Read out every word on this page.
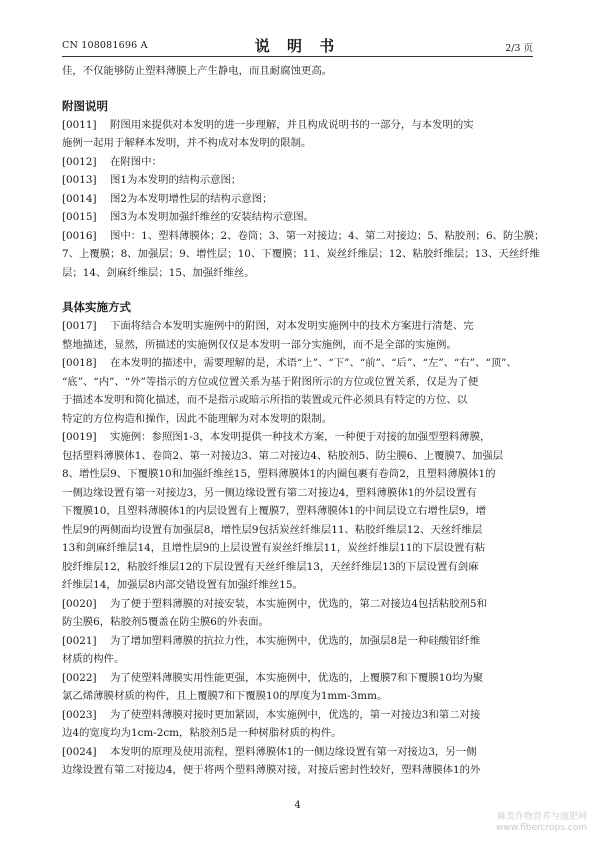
CN 108081696 A	说 明 书	2/3 页
佳，不仅能够防止塑料薄膜上产生静电，而且耐腐蚀更高。
附图说明
[0011] 附图用来提供对本发明的进一步理解，并且构成说明书的一部分，与本发明的实
施例一起用于解释本发明，并不构成对本发明的限制。
[0012] 在附图中：
[0013] 图1为本发明的结构示意图；
[0014] 图2为本发明增性层的结构示意图；
[0015] 图3为本发明加强纤维丝的安装结构示意图。
[0016] 图中：1、塑料薄膜体；2、卷筒；3、第一对接边；4、第二对接边；5、粘胶剂；6、防尘膜；
7、上覆膜；8、加强层；9、增性层；10、下覆膜；11、炭丝纤维层；12、粘胶纤维层；13、天丝纤维
层；14、剑麻纤维层；15、加强纤维丝。
具体实施方式
[0017] 下面将结合本发明实施例中的附图，对本发明实施例中的技术方案进行清楚、完
整地描述，显然，所描述的实施例仅仅是本发明一部分实施例，而不是全部的实施例。
[0018] 在本发明的描述中，需要理解的是，术语“上”、“下”、“前”、“后”、“左”、“右”、“顶”、
“底”、“内”、“外”等指示的方位或位置关系为基于附图所示的方位或位置关系，仅是为了便
于描述本发明和简化描述，而不是指示或暗示所指的装置或元件必须具有特定的方位、以
特定的方位构造和操作，因此不能理解为对本发明的限制。
[0019] 实施例：参照图1-3，本发明提供一种技术方案，一种便于对接的加强型塑料薄膜，
包括塑料薄膜体1、卷筒2、第一对接边3、第二对接边4、粘胶剂5、防尘膜6、上覆膜7、加强层
8、增性层9、下覆膜10和加强纤维丝15，塑料薄膜体1的内圈包裹有卷筒2，且塑料薄膜体1的
一侧边缘设置有第一对接边3，另一侧边缘设置有第二对接边4，塑料薄膜体1的外层设置有
下覆膜10，且塑料薄膜体1的内层设置有上覆膜7，塑料薄膜体1的中间层设立右增性层9，增
性层9的两侧面均设置有加强层8，增性层9包括炭丝纤维层11、粘胶纤维层12、天丝纤维层
13和剑麻纤维层14，且增性层9的上层设置有炭丝纤维层11，炭丝纤维层11的下层设置有粘
胶纤维层12，粘胶纤维层12的下层设置有天丝纤维层13，天丝纤维层13的下层设置有剑麻
纤维层14，加强层8内部交错设置有加强纤维丝15。
[0020] 为了便于塑料薄膜的对接安装，本实施例中，优选的，第二对接边4包括粘胶剂5和
防尘膜6，粘胶剂5覆盖在防尘膜6的外表面。
[0021] 为了增加塑料薄膜的抗拉力性，本实施例中，优选的，加强层8是一种硅酸铝纤维
材质的构件。
[0022] 为了使塑料薄膜实用性能更强，本实施例中，优选的，上覆膜7和下覆膜10均为聚
氯乙烯薄膜材质的构件，且上覆膜7和下覆膜10的厚度为1mm-3mm。
[0023] 为了使塑料薄膜对接时更加紧固，本实施例中，优选的，第一对接边3和第二对接
边4的宽度均为1cm-2cm，粘胶剂5是一种树脂材质的构件。
[0024] 本发明的原理及使用流程，塑料薄膜体1的一侧边缘设置有第一对接边3，另一侧
边缘设置有第二对接边4，便于将两个塑料薄膜对接，对接后密封性较好，塑料薄膜体1的外
4
麻类作物营养与施肥网
www.fibercrops.com
